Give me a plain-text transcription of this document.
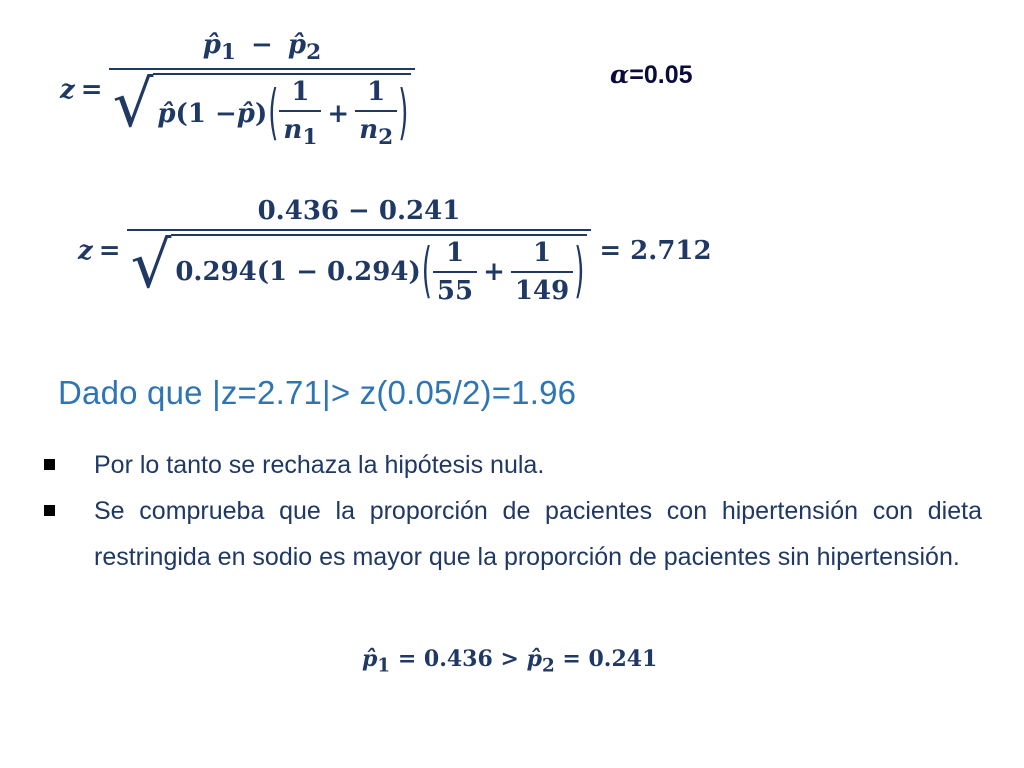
z =
$p̂_1$ − $p̂_2$
√ p̂ (1 − p̂ ) ( $\frac{1}{n_1} + \frac{1}{n_2}$ )
α=0.05
z =
0.436 − 0.241
√ 0.294(1 − 0.294) ( $\frac{1}{55} + \frac{1}{149}$ ) = 2.712
Dado que |z=2.71|> z(0.05/2)=1.96

Por lo tanto se rechaza la hipótesis nula.

Se comprueba que la proporción de pacientes con hipertensión con dieta restringida en sodio es mayor que la proporción de pacientes sin hipertensión.

$p̂_1 = 0.436$ > $p̂_2 = 0.241$
